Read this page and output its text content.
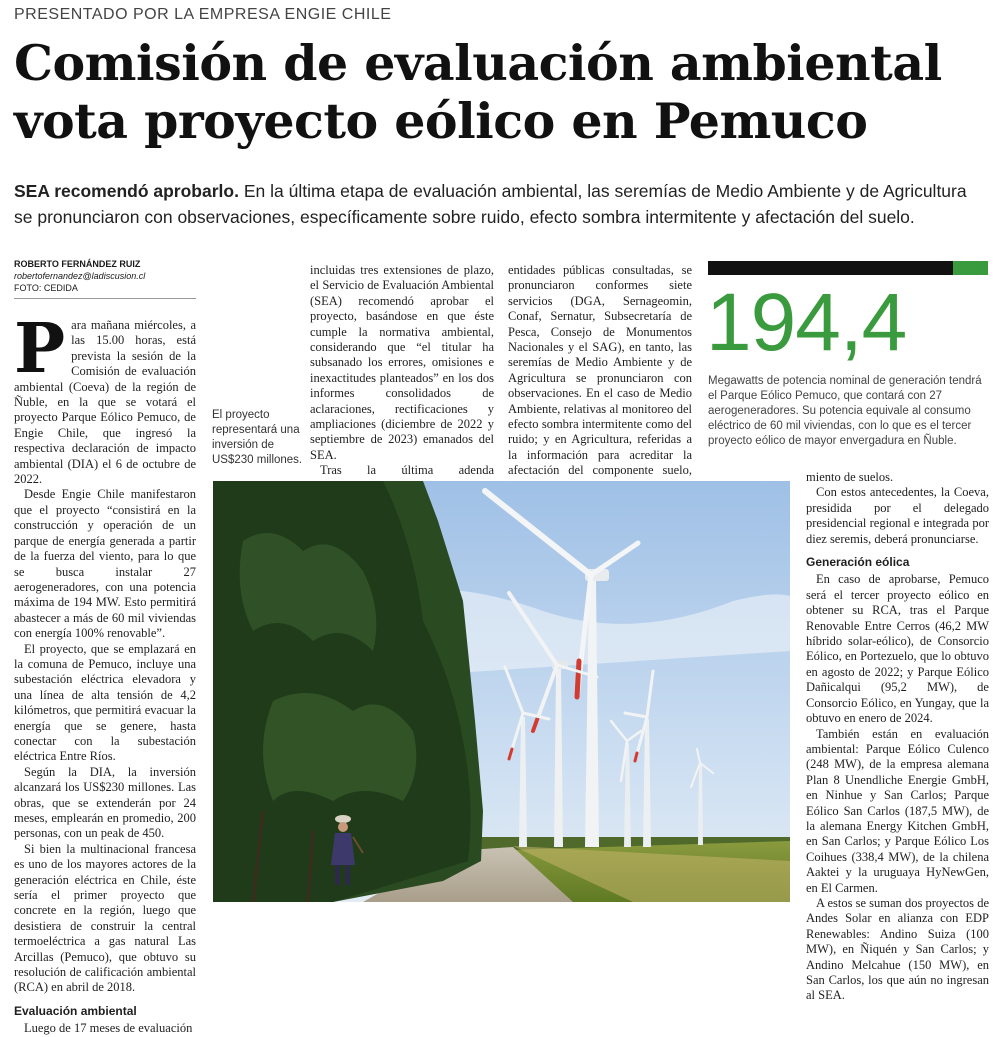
PRESENTADO POR LA EMPRESA ENGIE CHILE
Comisión de evaluación ambiental vota proyecto eólico en Pemuco
SEA recomendó aprobarlo. En la última etapa de evaluación ambiental, las seremías de Medio Ambiente y de Agricultura se pronunciaron con observaciones, específicamente sobre ruido, efecto sombra intermitente y afectación del suelo.
ROBERTO FERNÁNDEZ RUIZ
robertofernandez@ladiscusion.cl
FOTO: CEDIDA
P ara mañana miércoles, a las 15.00 horas, está prevista la sesión de la Comisión de evaluación ambiental (Coeva) de la región de Ñuble, en la que se votará el proyecto Parque Eólico Pemuco, de Engie Chile, que ingresó la respectiva declaración de impacto ambiental (DIA) el 6 de octubre de 2022.

Desde Engie Chile manifestaron que el proyecto “consistirá en la construcción y operación de un parque de energía generada a partir de la fuerza del viento, para lo que se busca instalar 27 aerogeneradores, con una potencia máxima de 194 MW. Esto permitirá abastecer a más de 60 mil viviendas con energía 100% renovable”.

El proyecto, que se emplazará en la comuna de Pemuco, incluye una subestación eléctrica elevadora y una línea de alta tensión de 4,2 kilómetros, que permitirá evacuar la energía que se genere, hasta conectar con la subestación eléctrica Entre Ríos.

Según la DIA, la inversión alcanzará los US$230 millones. Las obras, que se extenderán por 24 meses, emplearán en promedio, 200 personas, con un peak de 450.

Si bien la multinacional francesa es uno de los mayores actores de la generación eléctrica en Chile, éste sería el primer proyecto que concrete en la región, luego que desistiera de construir la central termoeléctrica a gas natural Las Arcillas (Pemuco), que obtuvo su resolución de calificación ambiental (RCA) en abril de 2018.

Evaluación ambiental

Luego de 17 meses de evaluación

incluidas tres extensiones de plazo, el Servicio de Evaluación Ambiental (SEA) recomendó aprobar el proyecto, basándose en que éste cumple la normativa ambiental, considerando que “el titular ha subsanado los errores, omisiones e inexactitudes planteados” en los dos informes consolidados de aclaraciones, rectificaciones y ampliaciones (diciembre de 2022 y septiembre de 2023) emanados del SEA.

Tras la última adenda

entidades públicas consultadas, se pronunciaron conformes siete servicios (DGA, Sernageomin, Conaf, Sernatur, Subsecretaría de Pesca, Consejo de Monumentos Nacionales y el SAG), en tanto, las seremías de Medio Ambiente y de Agricultura se pronunciaron con observaciones. En el caso de Medio Ambiente, relativas al monitoreo del efecto sombra intermitente como del ruido; y en Agricultura, referidas a la información para acreditar la afectación del componente suelo,

El proyecto representará una inversión de US$230 millones.
194,4
Megawatts de potencia nominal de generación tendrá el Parque Eólico Pemuco, que contará con 27 aerogeneradores. Su potencia equivale al consumo eléctrico de 60 mil viviendas, con lo que es el tercer proyecto eólico de mayor envergadura en Ñuble.

miento de suelos.

Con estos antecedentes, la Coeva, presidida por el delegado presidencial regional e integrada por diez seremis, deberá pronunciarse.

Generación eólica

En caso de aprobarse, Pemuco será el tercer proyecto eólico en obtener su RCA, tras el Parque Renovable Entre Cerros (46,2 MW híbrido solar-eólico), de Consorcio Eólico, en Portezuelo, que lo obtuvo en agosto de 2022; y Parque Eólico Dañicalqui (95,2 MW), de Consorcio Eólico, en Yungay, que la obtuvo en enero de 2024.

También están en evaluación ambiental: Parque Eólico Culenco (248 MW), de la empresa alemana Plan 8 Unendliche Energie GmbH, en Ninhue y San Carlos; Parque Eólico San Carlos (187,5 MW), de la alemana Energy Kitchen GmbH, en San Carlos; y Parque Eólico Los Coihues (338,4 MW), de la chilena Aaktei y la uruguaya HyNewGen, en El Carmen.

A estos se suman dos proyectos de Andes Solar en alianza con EDP Renewables: Andino Suiza (100 MW), en Ñiquén y San Carlos; y Andino Melcahue (150 MW), en San Carlos, los que aún no ingresan al SEA.
